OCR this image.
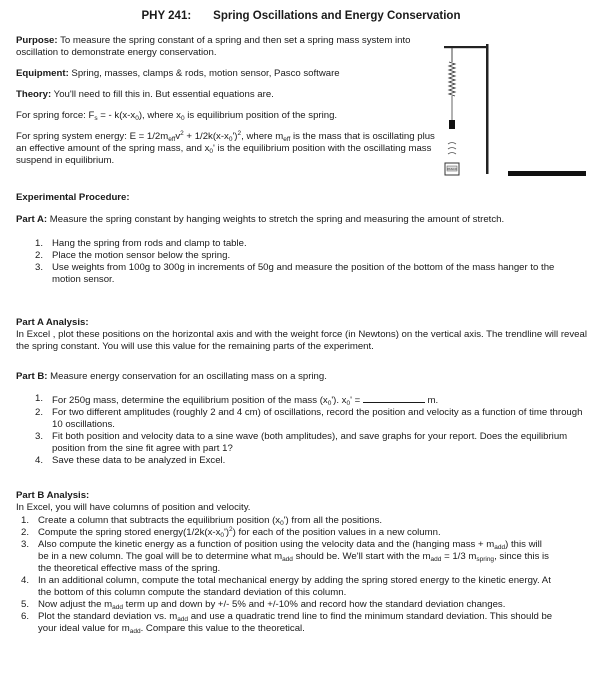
PHY 241: Spring Oscillations and Energy Conservation

Purpose: To measure the spring constant of a spring and then set a spring mass system into oscillation to demonstrate energy conservation.

Equipment: Spring, masses, clamps & rods, motion sensor, Pasco software

Theory: You'll need to fill this in. But essential equations are.

For spring force: $F_s$ = - $k(x-x_0)$, where $x_0$ is equilibrium position of the spring.

For spring system energy: $E = 1/2m_{eff}v^2 + 1/2k(x-x_0')^2$, where $m_{eff}$ is the mass that is oscillating plus an effective amount of the spring mass, and $x_0'$ is the equilibrium position with the oscillating mass suspend in equilibrium.

PASCO

Experimental Procedure:

Part A: Measure the spring constant by hanging weights to stretch the spring and measuring the amount of stretch.

1. Hang the spring from rods and clamp to table.
2. Place the motion sensor below the spring.
3. Use weights from 100g to 300g in increments of 50g and measure the position of the bottom of the mass hanger to the motion sensor.

Part A Analysis:

In Excel , plot these positions on the horizontal axis and with the weight force (in Newtons) on the vertical axis. The trendline will reveal the spring constant. You will use this value for the remaining parts of the experiment.

Part B: Measure energy conservation for an oscillating mass on a spring.

1. For 250g mass, determine the equilibrium position of the mass $(x_0')$. $x_0'$ =	m.
2. For two different amplitudes (roughly 2 and 4 cm) of oscillations, record the position and velocity as a function of time through 10 oscillations.
3. Fit both position and velocity data to a sine wave (both amplitudes), and save graphs for your report. Does the equilibrium position from the sine fit agree with part 1?
4. Save these data to be analyzed in Excel.

Part B Analysis:

In Excel, you will have columns of position and velocity.

1. Create a column that subtracts the equilibrium position $(x_0')$ from all the positions.
2. Compute the spring stored $energy(1/2k(x-x_0')^2)$ for each of the position values in a new column.
3. Also compute the kinetic energy as a function of position using the velocity data and the (hanging mass + $m_{add}$) this will be in a new column. The goal will be to determine what $m_{add}$ should be. We'll start with the $m_{add} = 1/3$ $m_{spring}$, since this is the theoretical effective mass of the spring.
4. In an additional column, compute the total mechanical energy by adding the spring stored energy to the kinetic energy. At the bottom of this column compute the standard deviation of this column.
5. Now adjust the $m_{add}$ term up and down by +/- 5% and +/-10% and record how the standard deviation changes.
6. Plot the standard deviation vs. $m_{add}$ and use a quadratic trend line to find the minimum standard deviation. This should be your ideal value for $m_{add}$. Compare this value to the theoretical.
